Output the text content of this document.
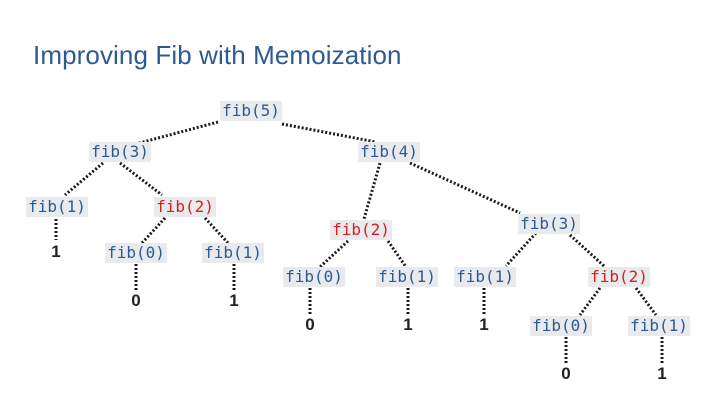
Improving Fib with Memoization
fib(5)
fib(3)	fib(4)
fib(1)	fib(2)
fib(2)	fib(3)
fib(0) fib(1)
fib(0) fib(1) fib(1)	fib(2)
fib(0)	fib(1)
1
0	1
0	1	1
0	1
